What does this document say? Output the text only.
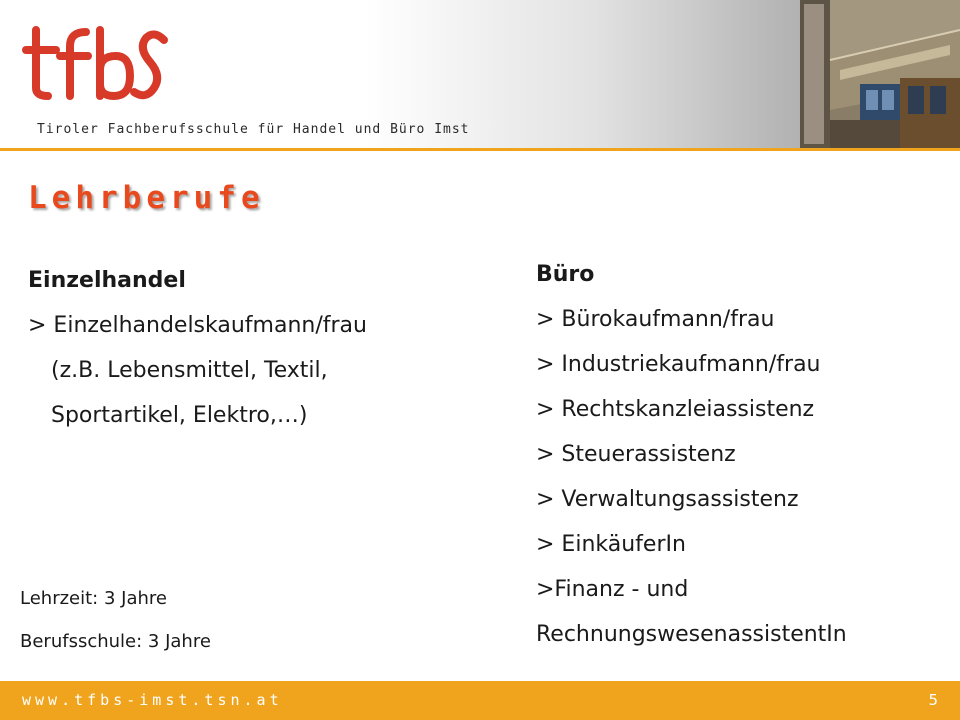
Tiroler Fachberufsschule für Handel und Büro Imst
Lehrberufe
Einzelhandel
> Einzelhandelskaufmann/frau
(z.B. Lebensmittel, Textil,
Sportartikel, Elektro,…)
Büro
> Bürokaufmann/frau
> Industriekaufmann/frau
> Rechtskanzleiassistenz
> Steuerassistenz
> Verwaltungsassistenz
> EinkäuferIn
>Finanz - und
RechnungswesenassistentIn
Lehrzeit: 3 Jahre
Berufsschule: 3 Jahre
www.tfbs-imst.tsn.at	5
